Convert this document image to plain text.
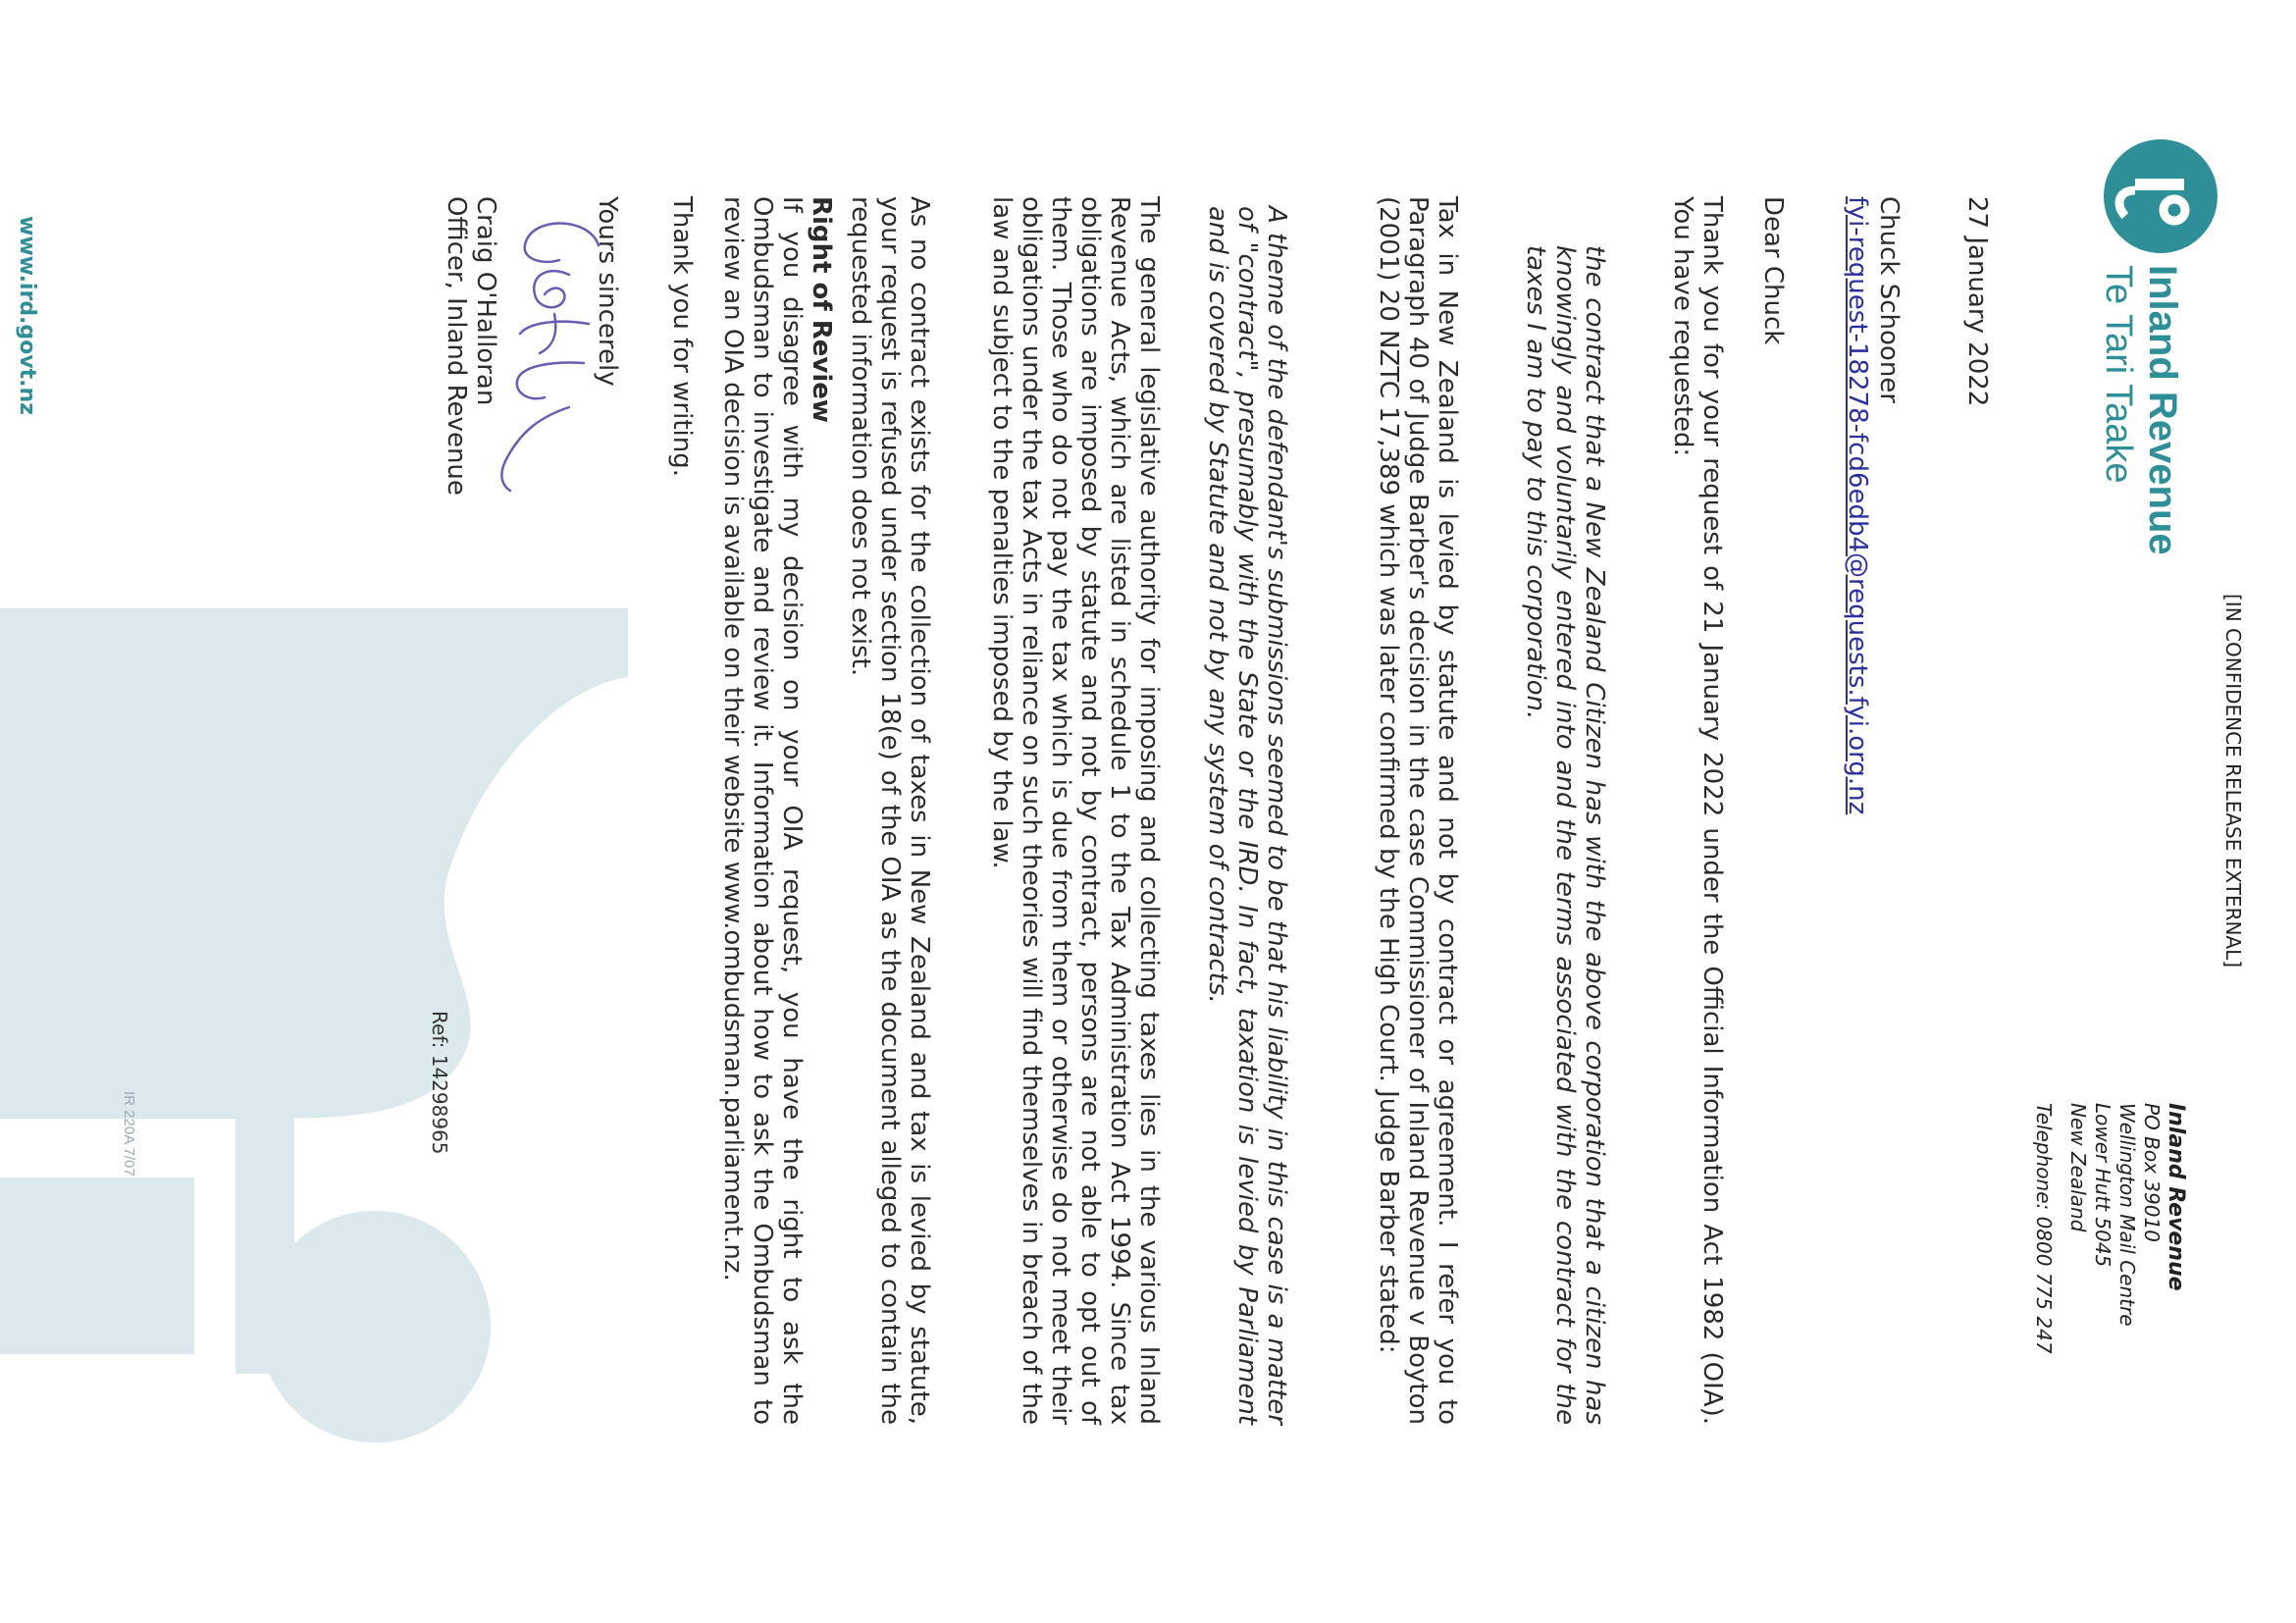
Inland Revenue
Te Tari Taake
[IN CONFIDENCE RELEASE EXTERNAL]
Inland Revenue
PO Box 39010
Wellington Mail Centre
Lower Hutt 5045
New Zealand
Telephone: 0800 775 247
27 January 2022
Chuck Schooner
fyi-request-18278-fcd6edb4@requests.fyi.org.nz
Dear Chuck
Thank you for your request of 21 January 2022 under the Official Information Act 1982 (OIA). You have requested:
the contract that a New Zealand Citizen has with the above corporation that a citizen has knowingly and voluntarily entered into and the terms associated with the contract for the taxes I am to pay to this corporation.
Tax in New Zealand is levied by statute and not by contract or agreement. I refer you to Paragraph 40 of Judge Barber's decision in the case Commissioner of Inland Revenue v Boyton (2001) 20 NZTC 17,389 which was later confirmed by the High Court. Judge Barber stated:
A theme of the defendant's submissions seemed to be that his liability in this case is a matter of "contract", presumably with the State or the IRD. In fact, taxation is levied by Parliament and is covered by Statute and not by any system of contracts.
The general legislative authority for imposing and collecting taxes lies in the various Inland Revenue Acts, which are listed in schedule 1 to the Tax Administration Act 1994. Since tax obligations are imposed by statute and not by contract, persons are not able to opt out of them. Those who do not pay the tax which is due from them or otherwise do not meet their obligations under the tax Acts in reliance on such theories will find themselves in breach of the law and subject to the penalties imposed by the law.
As no contract exists for the collection of taxes in New Zealand and tax is levied by statute, your request is refused under section 18(e) of the OIA as the document alleged to contain the requested information does not exist.
Right of Review
If you disagree with my decision on your OIA request, you have the right to ask the Ombudsman to investigate and review it. Information about how to ask the Ombudsman to review an OIA decision is available on their website www.ombudsman.parliament.nz.
Thank you for writing.
Yours sincerely
Craig O'Halloran
Officer, Inland Revenue
Ref: 14298965
IR 220A 7/07
www.ird.govt.nz
